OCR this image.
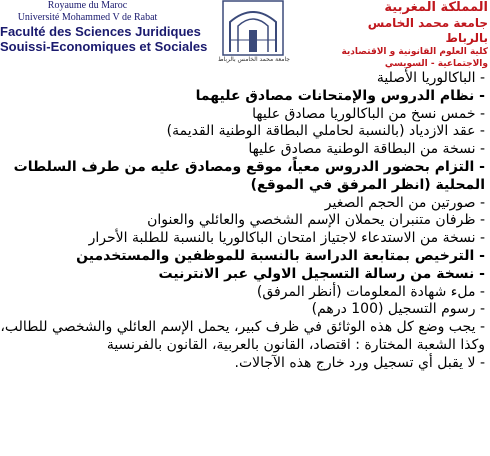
Royaume du Maroc
Université Mohammed V de Rabat
Faculté des Sciences Juridiques
Souissi-Economiques et Sociales
جامعة محمد الخامس بالرباط
المملكة المغربية
جامعة محمد الخامس بالرباط
كلية العلوم القانونية و الاقتصادية
والاجتماعية - السويسي
- الباكالوريا الأصلية
- نظام الدروس والإمتحانات مصادق عليهما
- خمس نسخ من الباكالوريا مصادق عليها
- عقد الازدياد (بالنسبة لحاملي البطاقة الوطنية القديمة)
- نسخة من البطاقة الوطنية مصادق عليها
- التزام بحضور الدروس معياً، موقع ومصادق عليه من طرف السلطات المحلية (انظر المرفق في الموقع)
- صورتين من الحجم الصغير
- ظرفان متنبران يحملان الإسم الشخصي والعائلي والعنوان
- نسخة من الاستدعاء لاجتياز امتحان الباكالوريا بالنسبة للطلبة الأحرار
- الترخيص بمتابعة الدراسة بالنسبة للموظفين والمستخدمين
- نسخة من رسالة التسجيل الاولي عبر الانترنيت
- ملء شهادة المعلومات (أنظر المرفق)
- رسوم التسجيل (100 درهم)
- يجب وضع كل هذه الوثائق في ظرف كبير، يحمل الإسم العائلي والشخصي للطالب، وكذا الشعبة المختارة : اقتصاد، القانون بالعربية، القانون بالفرنسية
- لا يقبل أي تسجيل ورد خارج هذه الآجالات.
